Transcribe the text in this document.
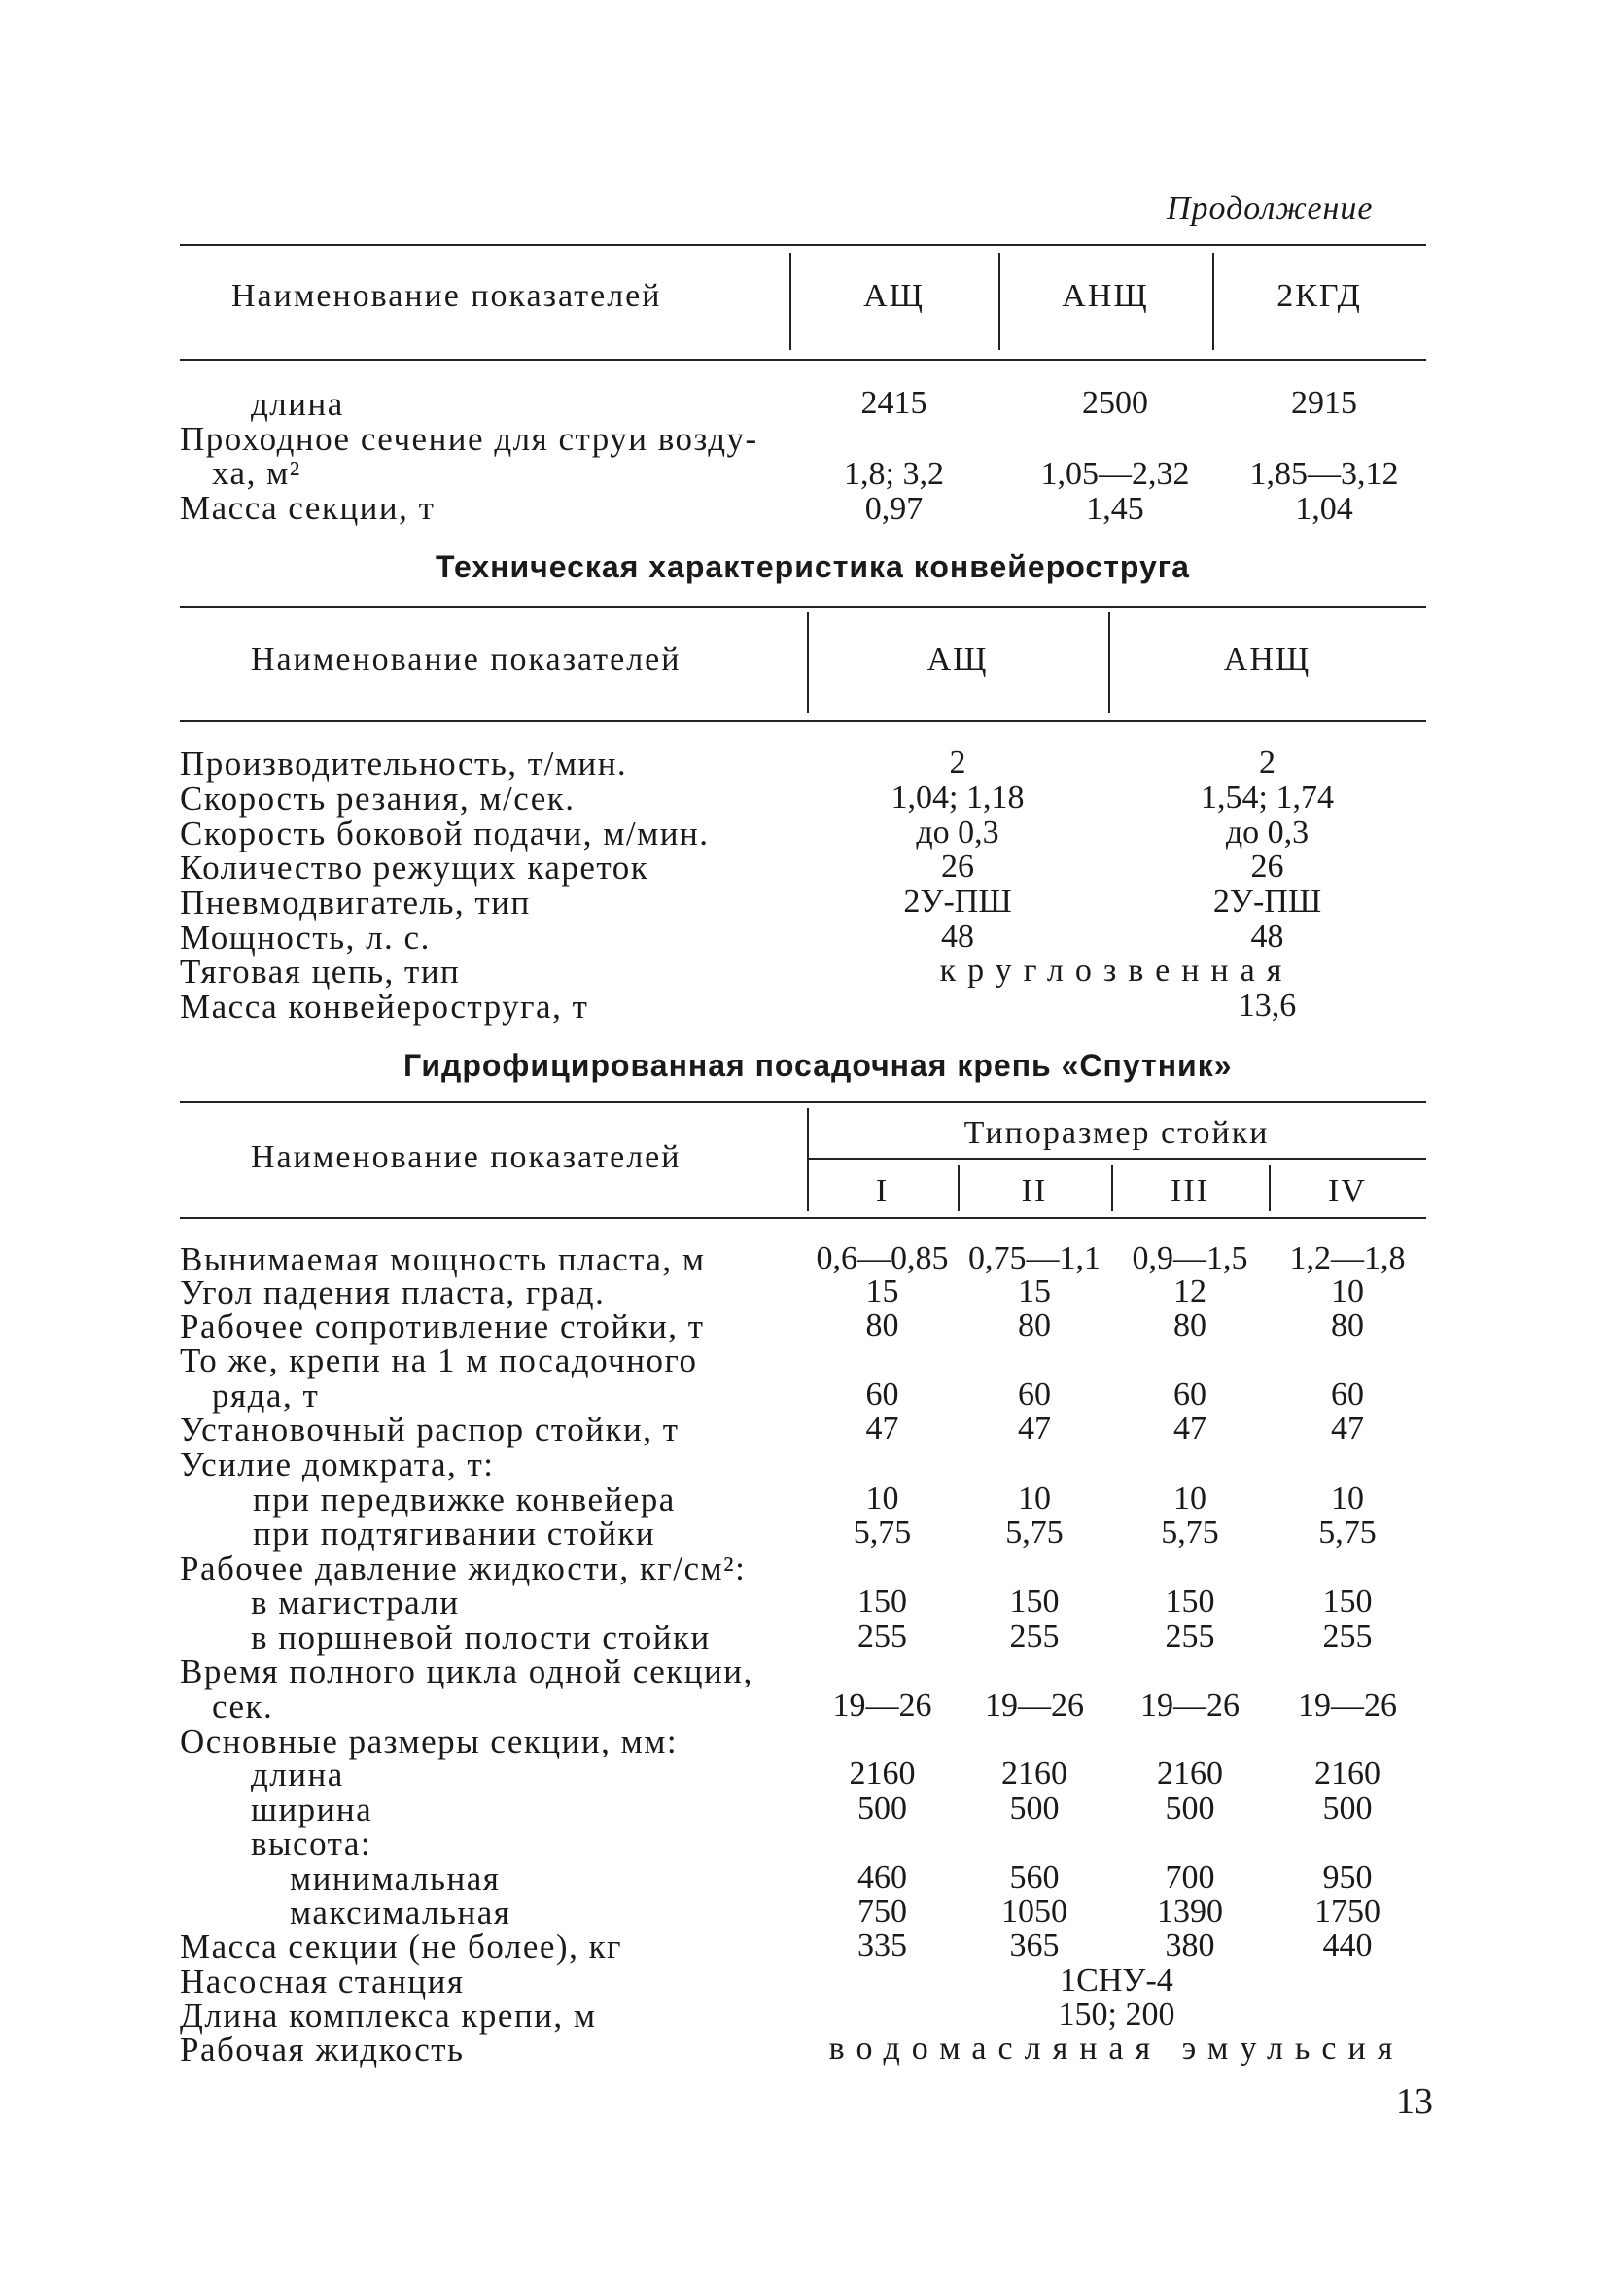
Продолжение
Наименование показателей	АЩ	АНЩ	2КГД
длина	2415	2500	2915
Проходное сечение для струи возду-
ха, м²	1,8; 3,2	1,05—2,32	1,85—3,12
Масса секции, т	0,97	1,45	1,04
Техническая характеристика конвейероструга
Наименование показателей	АЩ	АНЩ
Производительность, т/мин.	2	2
Скорость резания, м/сек.	1,04; 1,18	1,54; 1,74
Скорость боковой подачи, м/мин.	до 0,3	до 0,3
Количество режущих кареток	26	26
Пневмодвигатель, тип	2У-ПШ	2У-ПШ
Мощность, л. с.	48	48
Тяговая цепь, тип	круглозвенная
Масса конвейероструга, т	13,6
Гидрофицированная посадочная крепь «Спутник»
Наименование показателей
Типоразмер стойки
I	II	III	IV
Вынимаемая мощность пласта, м	0,6—0,85 0,75—1,1 0,9—1,5	1,2—1,8
Угол падения пласта, град.	15	15	12	10
Рабочее сопротивление стойки, т	80	80	80	80
То же, крепи на 1 м посадочного
ряда, т	60	60	60	60
Установочный распор стойки, т	47	47	47	47
Усилие домкрата, т:
при передвижке конвейера	10	10	10	10
при подтягивании стойки	5,75	5,75	5,75	5,75
Рабочее давление жидкости, кг/см²:
в магистрали	150	150	150	150
в поршневой полости стойки	255	255	255	255
Время полного цикла одной секции,
сек.	19—26	19—26	19—26	19—26
Основные размеры секции, мм:
длина	2160	2160	2160	2160
ширина	500	500	500	500
высота:
минимальная	460	560	700	950
максимальная	750	1050	1390	1750
Масса секции (не более), кг	335	365	380	440
Насосная станция	1СНУ-4
Длина комплекса крепи, м	150; 200
Рабочая жидкость	водомасляная эмульсия
13
